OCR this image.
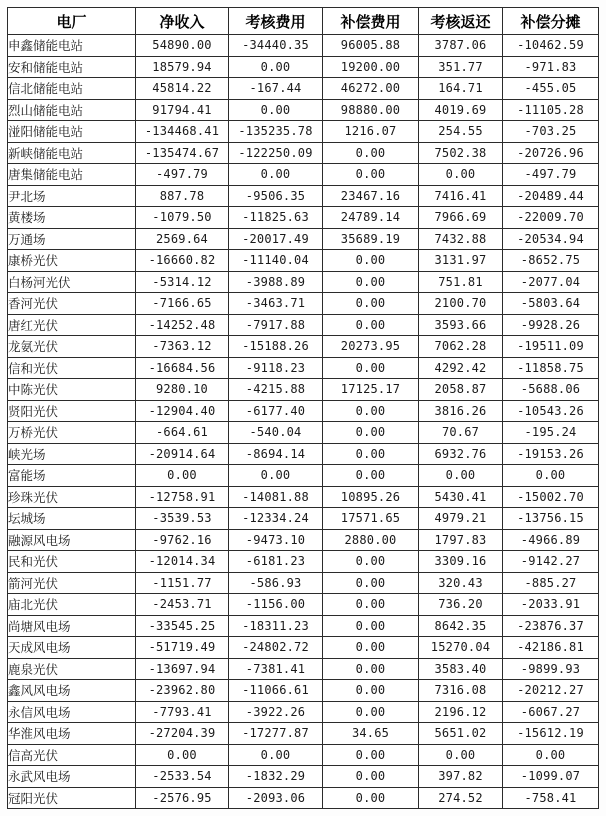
电厂	净收入	考核费用	补偿费用	考核返还	补偿分摊
申鑫储能电站	54890.00	-34440.35	96005.88	3787.06	-10462.59
安和储能电站	18579.94	0.00	19200.00	351.77	-971.83
信北储能电站	45814.22	-167.44	46272.00	164.71	-455.05
烈山储能电站	91794.41	0.00	98880.00	4019.69	-11105.28
湴阳储能电站	-134468.41	-135235.78	1216.07	254.55	-703.25
新峡储能电站	-135474.67	-122250.09	0.00	7502.38	-20726.96
唐集储能电站	-497.79	0.00	0.00	0.00	-497.79
尹北场	887.78	-9506.35	23467.16	7416.41	-20489.44
黄楼场	-1079.50	-11825.63	24789.14	7966.69	-22009.70
万通场	2569.64	-20017.49	35689.19	7432.88	-20534.94
康桥光伏	-16660.82	-11140.04	0.00	3131.97	-8652.75
白杨河光伏	-5314.12	-3988.89	0.00	751.81	-2077.04
香河光伏	-7166.65	-3463.71	0.00	2100.70	-5803.64
唐红光伏	-14252.48	-7917.88	0.00	3593.66	-9928.26
龙氨光伏	-7363.12	-15188.26	20273.95	7062.28	-19511.09
信和光伏	-16684.56	-9118.23	0.00	4292.42	-11858.75
中陈光伏	9280.10	-4215.88	17125.17	2058.87	-5688.06
贤阳光伏	-12904.40	-6177.40	0.00	3816.26	-10543.26
万桥光伏	-664.61	-540.04	0.00	70.67	-195.24
峡光场	-20914.64	-8694.14	0.00	6932.76	-19153.26
富能场	0.00	0.00	0.00	0.00	0.00
珍珠光伏	-12758.91	-14081.88	10895.26	5430.41	-15002.70
坛城场	-3539.53	-12334.24	17571.65	4979.21	-13756.15
融源风电场	-9762.16	-9473.10	2880.00	1797.83	-4966.89
民和光伏	-12014.34	-6181.23	0.00	3309.16	-9142.27
箭河光伏	-1151.77	-586.93	0.00	320.43	-885.27
庙北光伏	-2453.71	-1156.00	0.00	736.20	-2033.91
尚塘风电场	-33545.25	-18311.23	0.00	8642.35	-23876.37
天成风电场	-51719.49	-24802.72	0.00	15270.04	-42186.81
鹿泉光伏	-13697.94	-7381.41	0.00	3583.40	-9899.93
鑫风风电场	-23962.80	-11066.61	0.00	7316.08	-20212.27
永信风电场	-7793.41	-3922.26	0.00	2196.12	-6067.27
华淮风电场	-27204.39	-17277.87	34.65	5651.02	-15612.19
信高光伏	0.00	0.00	0.00	0.00	0.00
永武风电场	-2533.54	-1832.29	0.00	397.82	-1099.07
冠阳光伏	-2576.95	-2093.06	0.00	274.52	-758.41
